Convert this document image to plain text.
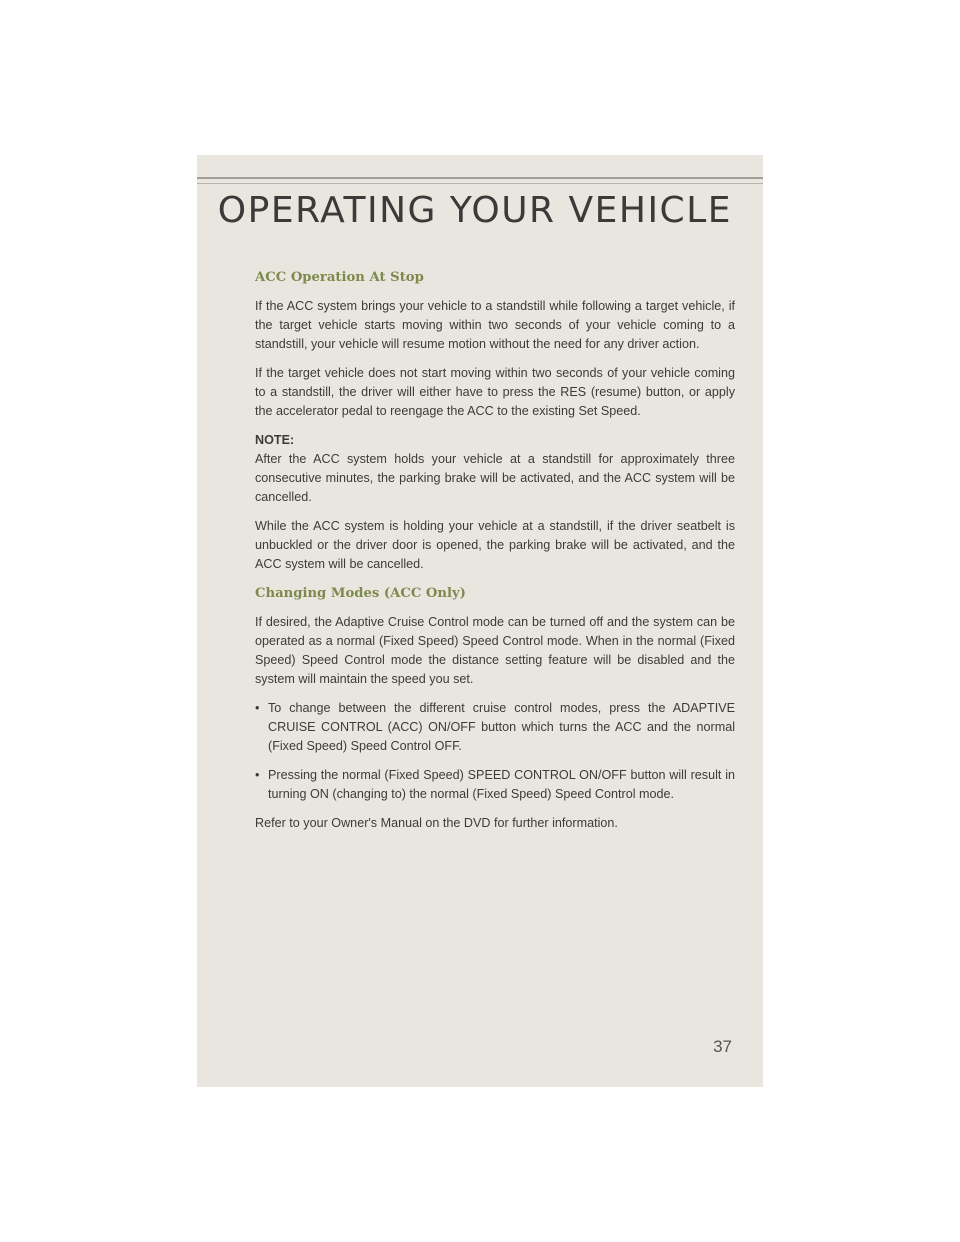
OPERATING YOUR VEHICLE
ACC Operation At Stop

If the ACC system brings your vehicle to a standstill while following a target vehicle, if the target vehicle starts moving within two seconds of your vehicle coming to a standstill, your vehicle will resume motion without the need for any driver action.

If the target vehicle does not start moving within two seconds of your vehicle coming to a standstill, the driver will either have to press the RES (resume) button, or apply the accelerator pedal to reengage the ACC to the existing Set Speed.

NOTE:
After the ACC system holds your vehicle at a standstill for approximately three consecutive minutes, the parking brake will be activated, and the ACC system will be cancelled.

While the ACC system is holding your vehicle at a standstill, if the driver seatbelt is unbuckled or the driver door is opened, the parking brake will be activated, and the ACC system will be cancelled.

Changing Modes (ACC Only)

If desired, the Adaptive Cruise Control mode can be turned off and the system can be operated as a normal (Fixed Speed) Speed Control mode. When in the normal (Fixed Speed) Speed Control mode the distance setting feature will be disabled and the system will maintain the speed you set.

• To change between the different cruise control modes, press the ADAPTIVE CRUISE CONTROL (ACC) ON/OFF button which turns the ACC and the normal (Fixed Speed) Speed Control OFF.
• Pressing the normal (Fixed Speed) SPEED CONTROL ON/OFF button will result in turning ON (changing to) the normal (Fixed Speed) Speed Control mode.

Refer to your Owner's Manual on the DVD for further information.

37
